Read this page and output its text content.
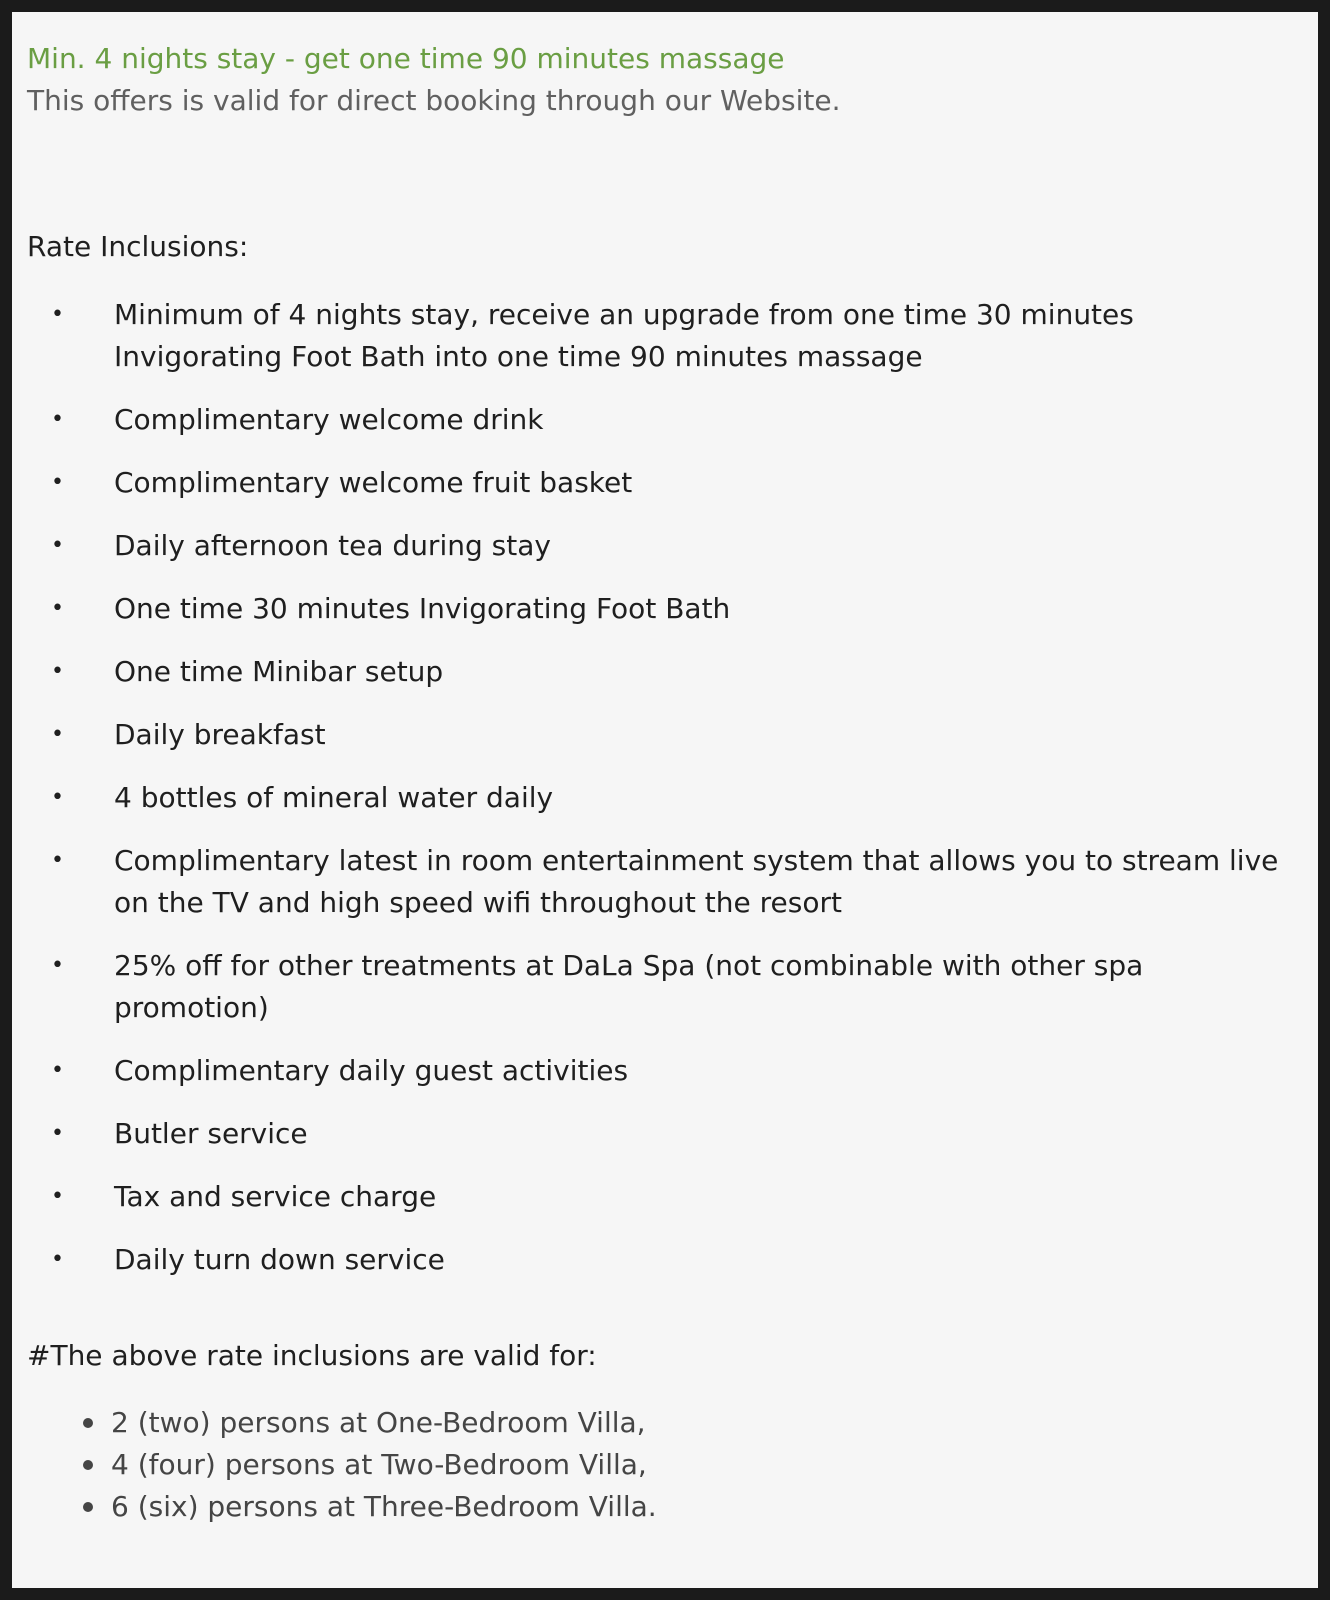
Min. 4 nights stay - get one time 90 minutes massage

This offers is valid for direct booking through our Website.

Rate Inclusions:

• Minimum of 4 nights stay, receive an upgrade from one time 30 minutes Invigorating Foot Bath into one time 90 minutes massage
• Complimentary welcome drink
• Complimentary welcome fruit basket
• Daily afternoon tea during stay
• One time 30 minutes Invigorating Foot Bath
• One time Minibar setup
• Daily breakfast
• 4 bottles of mineral water daily
• Complimentary latest in room entertainment system that allows you to stream live on the TV and high speed wifi throughout the resort
• 25% off for other treatments at DaLa Spa (not combinable with other spa promotion)
• Complimentary daily guest activities
• Butler service
• Tax and service charge
• Daily turn down service

#The above rate inclusions are valid for:

2 (two) persons at One-Bedroom Villa,
4 (four) persons at Two-Bedroom Villa,
6 (six) persons at Three-Bedroom Villa.
